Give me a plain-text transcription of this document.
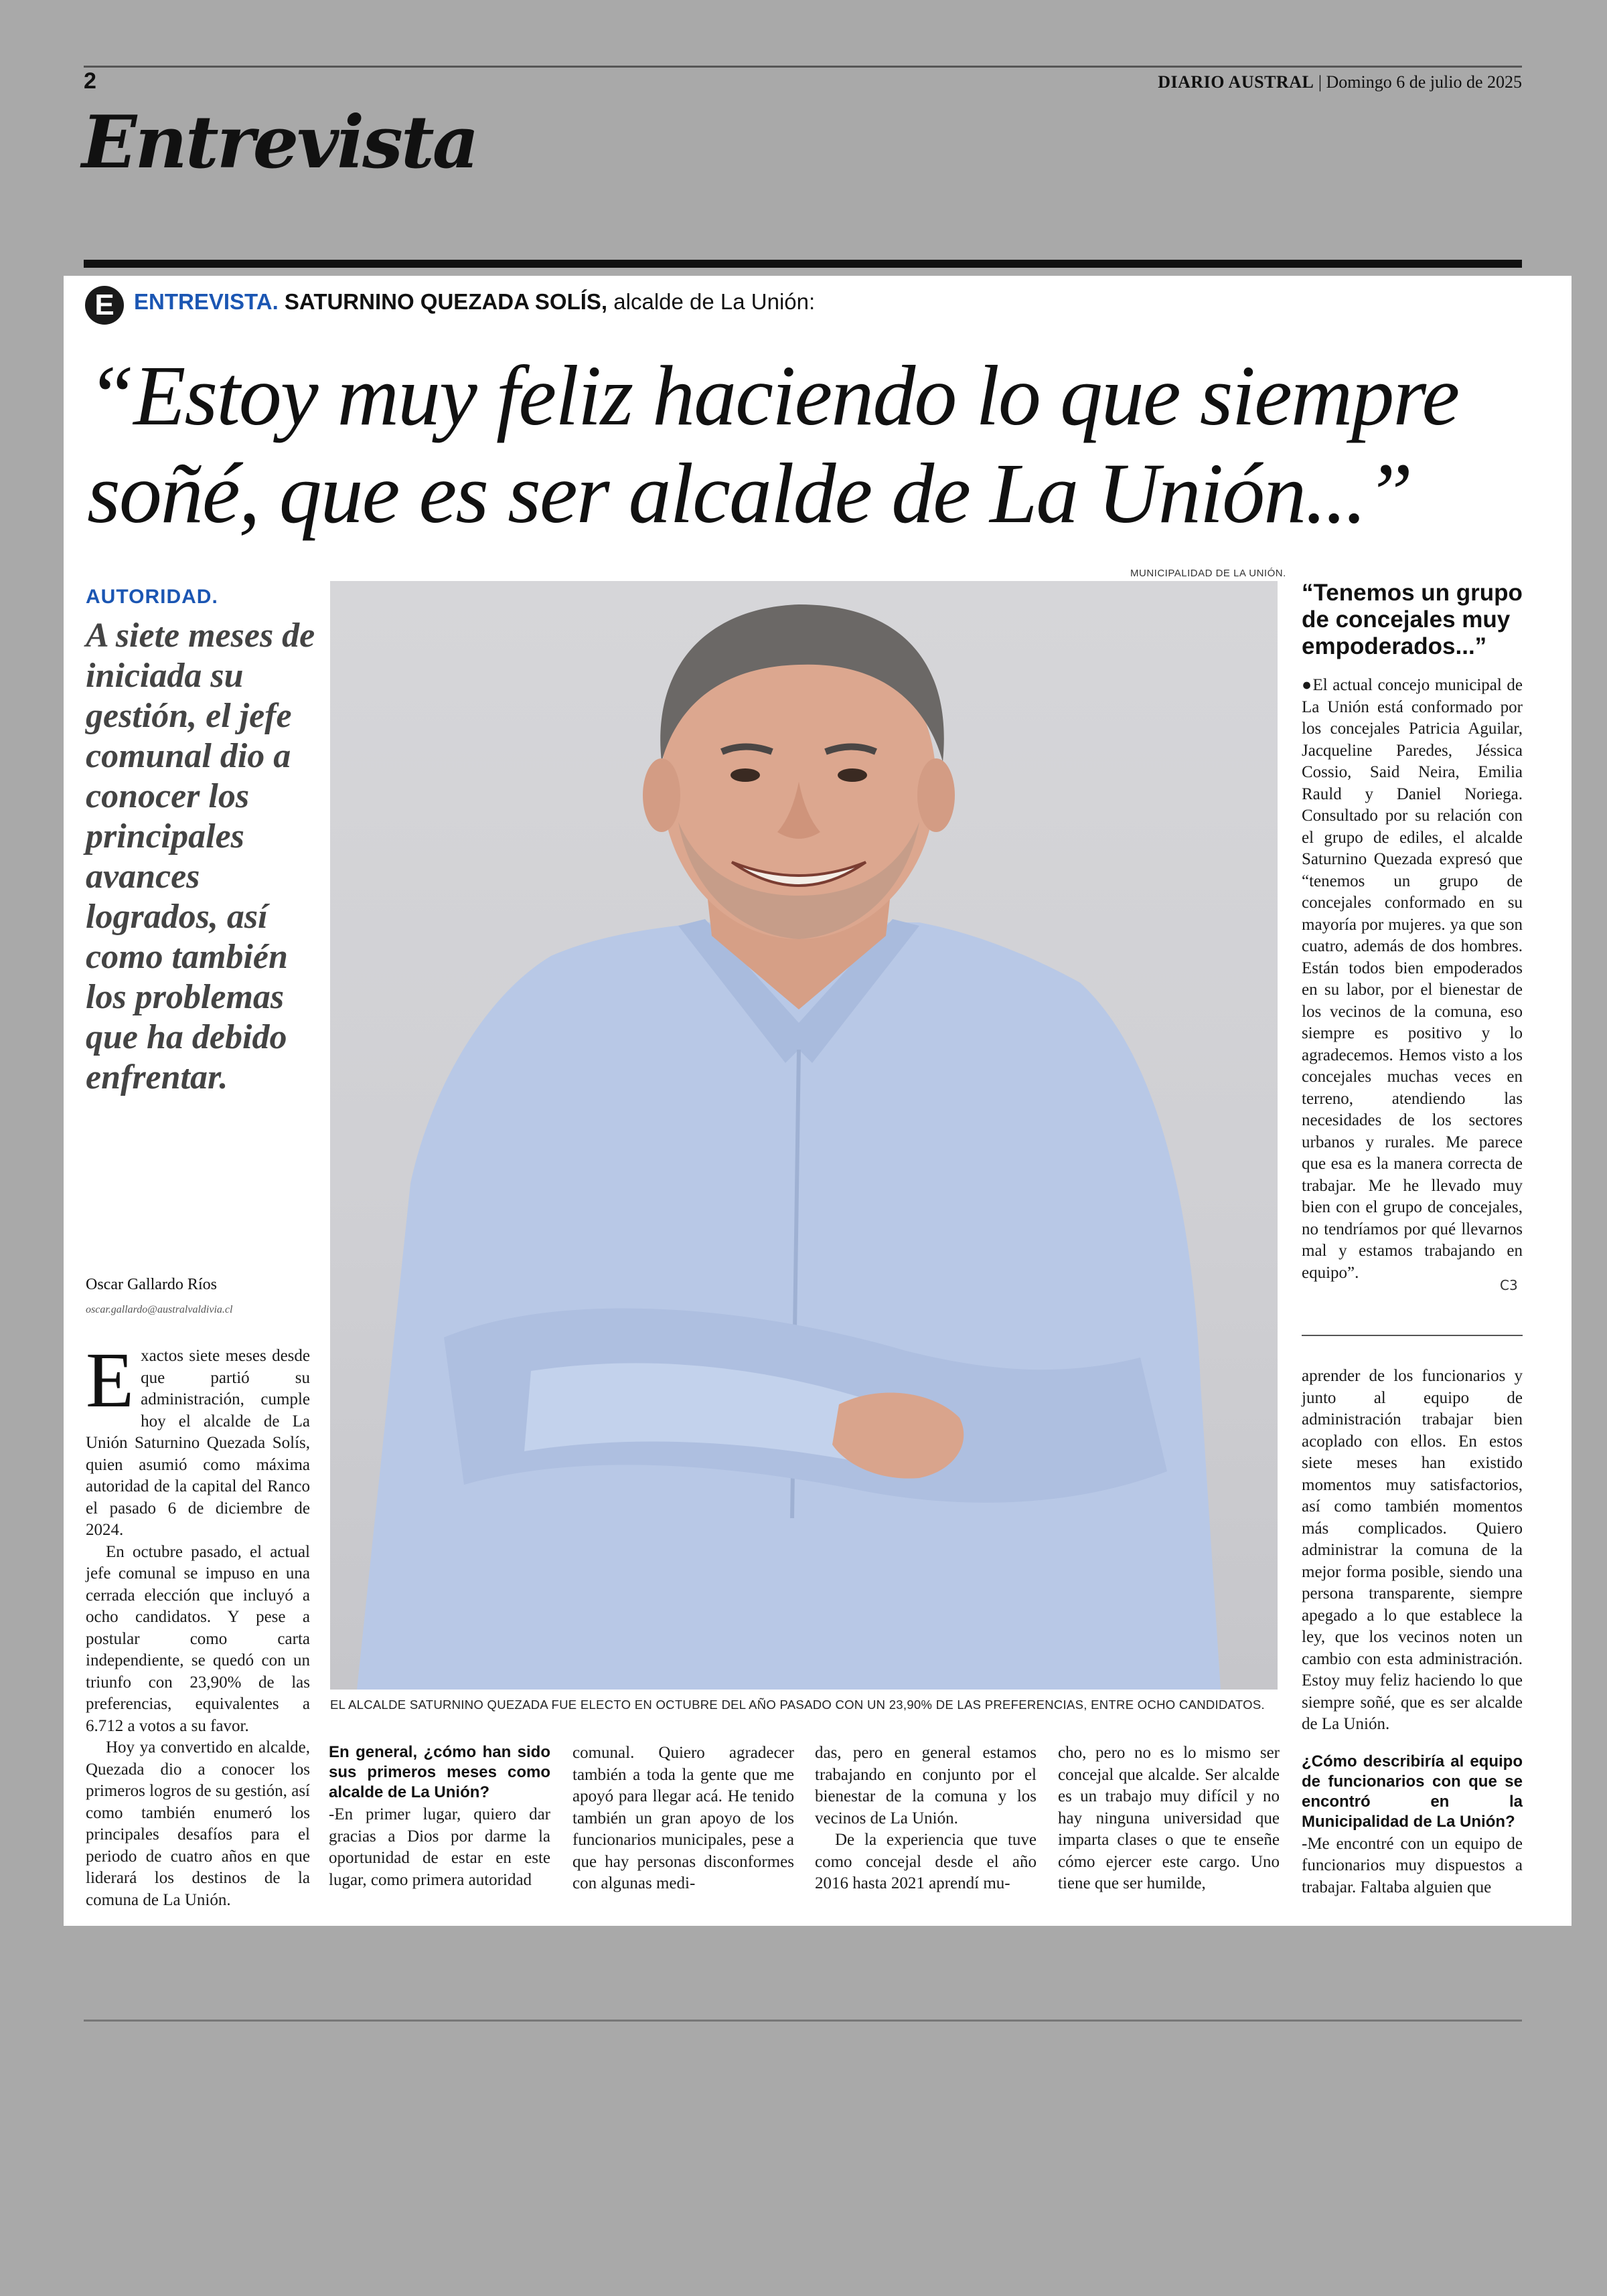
2	DIARIO AUSTRAL | Domingo 6 de julio de 2025
Entrevista
E ENTREVISTA. SATURNINO QUEZADA SOLÍS, alcalde de La Unión:
“Estoy muy feliz haciendo lo que siempre soñé, que es ser alcalde de La Unión...”
AUTORIDAD.
A siete meses de iniciada su gestión, el jefe comunal dio a conocer los principales avances logrados, así como también los problemas que ha debido enfrentar.
Oscar Gallardo Ríos
oscar.gallardo@australvaldivia.cl
E xactos siete meses desde que partió su administración, cumple hoy el alcalde de La Unión Saturnino Quezada Solís, quien asumió como máxima autoridad de la capital del Ranco el pasado 6 de diciembre de 2024.

En octubre pasado, el actual jefe comunal se impuso en una cerrada elección que incluyó a ocho candidatos. Y pese a postular como carta independiente, se quedó con un triunfo con 23,90% de las preferencias, equivalentes a 6.712 a votos a su favor.

Hoy ya convertido en alcalde, Quezada dio a conocer los primeros logros de su gestión, así como también enumeró los principales desafíos para el periodo de cuatro años en que liderará los destinos de la comuna de La Unión.

MUNICIPALIDAD DE LA UNIÓN.
EL ALCALDE SATURNINO QUEZADA FUE ELECTO EN OCTUBRE DEL AÑO PASADO CON UN 23,90% DE LAS PREFERENCIAS, ENTRE OCHO CANDIDATOS.
En general, ¿cómo han sido sus primeros meses como alcalde de La Unión?

-En primer lugar, quiero dar gracias a Dios por darme la oportunidad de estar en este lugar, como primera autoridad

comunal. Quiero agradecer también a toda la gente que me apoyó para llegar acá. He tenido también un gran apoyo de los funcionarios municipales, pese a que hay personas disconformes con algunas medi-

das, pero en general estamos trabajando en conjunto por el bienestar de la comuna y los vecinos de La Unión.

De la experiencia que tuve como concejal desde el año 2016 hasta 2021 aprendí mu-

cho, pero no es lo mismo ser concejal que alcalde. Ser alcalde es un trabajo muy difícil y no hay ninguna universidad que imparta clases o que te enseñe cómo ejercer este cargo. Uno tiene que ser humilde,

“Tenemos un grupo de concejales muy empoderados...”

●El actual concejo municipal de La Unión está conformado por los concejales Patricia Aguilar, Jacqueline Paredes, Jéssica Cossio, Said Neira, Emilia Rauld y Daniel Noriega. Consultado por su relación con el grupo de ediles, el alcalde Saturnino Quezada expresó que “tenemos un grupo de concejales conformado en su mayoría por mujeres. ya que son cuatro, además de dos hombres. Están todos bien empoderados en su labor, por el bienestar de los vecinos de la comuna, eso siempre es positivo y lo agradecemos. Hemos visto a los concejales muchas veces en terreno, atendiendo las necesidades de los sectores urbanos y rurales. Me parece que esa es la manera correcta de trabajar. Me he llevado muy bien con el grupo de concejales, no tendríamos por qué llevarnos mal y estamos trabajando en equipo”.

C3

aprender de los funcionarios y junto al equipo de administración trabajar bien acoplado con ellos. En estos siete meses han existido momentos muy satisfactorios, así como también momentos más complicados. Quiero administrar la comuna de la mejor forma posible, siendo una persona transparente, siempre apegado a lo que establece la ley, que los vecinos noten un cambio con esta administración. Estoy muy feliz haciendo lo que siempre soñé, que es ser alcalde de La Unión.

¿Cómo describiría al equipo de funcionarios con que se encontró en la Municipalidad de La Unión?

-Me encontré con un equipo de funcionarios muy dispuestos a trabajar. Faltaba alguien que
